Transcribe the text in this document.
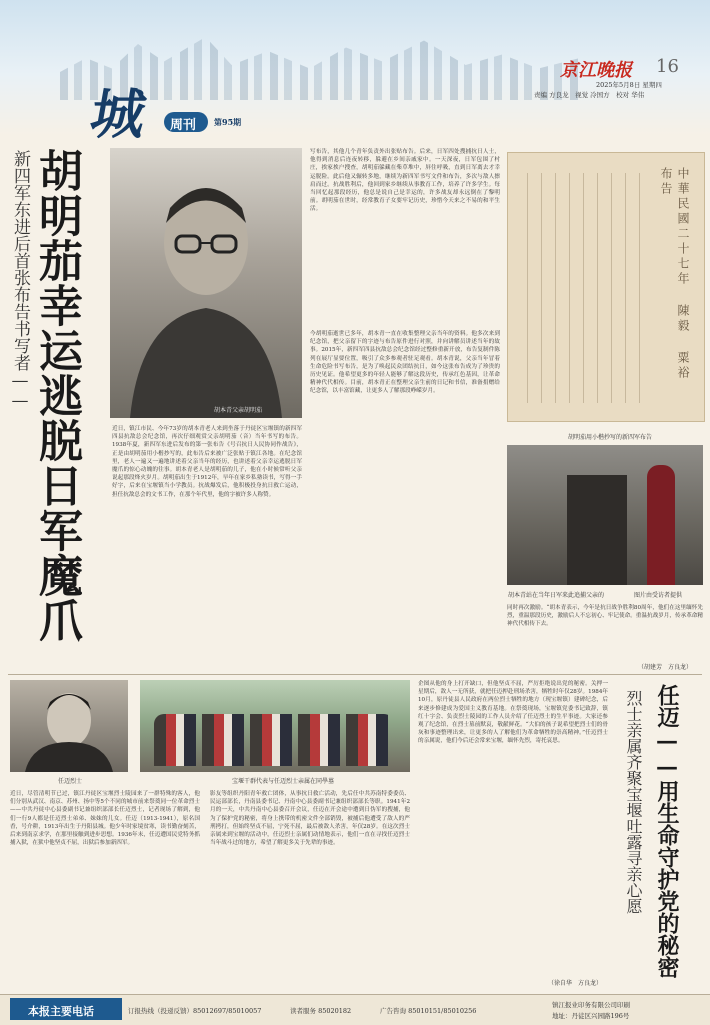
城 周刊 第95期
京江晚报 16
2025年5月8日 星期四
责编 方良龙　视觉 冷国方　校对 华伟
胡明茄幸运逃脱日军魔爪
新四军东进后首张布告书写者——	胡本青父亲胡明茄
近日，镇江市民、今年73岁的胡本青老人来到坐落于丹徒区宝堰镇的新四军四县抗敌总会纪念馆，再次仔细观赏父亲胡明茄（音）当年书写的布告。1938年夏，新四军东进后发布的第一张布告《号召抗日人民协同作战告》，正是由胡明茄用小楷抄写的，此布告后来被广泛张贴于镇江各地。在纪念馆里，老人一遍又一遍地讲述着父亲当年的经历，也讲述着父亲幸运逃脱日军魔爪的惊心动魄的往事。胡本青老人是胡明茄的儿子，他在小时候常听父亲说起那段烽火岁月。胡明茄出生于1912年，早年在家乡私塾读书，写得一手好字，后来在宝堰镇当小学教员。抗战爆发后，他积极投身抗日救亡运动，担任抗敌总会的文书工作，在那个年代里，他的字被许多人称赞。
写布告，其他几个青年负责外出张贴布告。后来，日军四处搜捕抗日人士，他得到消息后连夜转移，躲避在乡间亲戚家中。一天深夜，日军包围了村庄，挨家挨户搜查，胡明茄躲藏在柴草堆中，屏住呼吸，直到日军离去才幸运脱险。此后他又辗转多地，继续为新四军书写文件和布告，多次与敌人擦肩而过。抗战胜利后，他回到家乡继续从事教育工作，培养了许多学生。每当回忆起那段经历，他总是说自己是幸运的，许多战友却永远倒在了黎明前。胡明茄在世时，经常教育子女要牢记历史，珍惜今天来之不易的和平生活。
今胡明茄逝世已多年，胡本青一直在收集整理父亲当年的资料。他多次来到纪念馆，把父亲留下的字迹与布告原件进行对照，并向讲解员讲述当年的故事。2015年，新四军四县抗敌总会纪念馆经过整修重新开放，布告复制件陈列在展厅显要位置，吸引了众多参观者驻足观看。胡本青说，父亲当年冒着生命危险书写布告，是为了唤起民众团结抗日，如今这张布告成为了珍贵的历史见证。他希望更多的年轻人能够了解这段历史，传承红色基因，让革命精神代代相传。目前，胡本青正在整理父亲生前的日记和书信，准备捐赠给纪念馆，以丰富馆藏，让更多人了解那段峥嵘岁月。
中華民國二十七年 陳毅 粟裕 布告
胡明茄用小楷抄写的新四军布告
胡本青站在当年日军来此追捕父亲的	图片由受访者提供
同时再次激励。“胡本青表示，今年是抗日战争胜利80周年，他们在这里缅怀先烈，重温那段历史，激励后人不忘初心、牢记使命。重温抗战岁月，传承革命精神代代相传下去。
（胡建芳　方良龙）
任迈烈士	宝堰干群代表与任迈烈士亲属在同學墓
近日，尽管清明节已过，镇江丹徒区宝堰烈士陵园来了一群特殊的客人，他们分别从武汉、南京、苏州、扬中等5个不同的城市前来祭奠同一位革命烈士——中共丹徒中心县委副书记兼组织部部长任迈烈士，记者现场了解到，他们一行9人都是任迈烈士弟弟、妹妹的儿女。任迈（1913-1941），原名国香，号介耕，1913年出生于丹阳县城。他少年时家境贫寒，读书勤奋刻苦，后来到南京求学，在那里接触到进步思想。1936年末，任迈遭国民党特务抓捕入狱，在狱中他坚贞不屈，出狱后参加新四军。
影友等组织丹阳青年救亡团体，从事抗日救亡活动，先后任中共苏南特委委员、民运部部长，丹南县委书记、丹南中心县委副书记兼组织部部长等职。1941年2月的一天，中共丹南中心县委召开会议，任迈在开会途中遭到日伪军的搜捕，他为了保护党的秘密，将身上携带的机密文件全部销毁，被捕后他遭受了敌人的严刑拷打，但始终坚贞不屈，宁死不屈，最后被敌人杀害，年仅28岁。在这次烈士亲属来到宝堰的活动中，任迈烈士亲属们动情地表示，他们一直在寻找任迈烈士当年战斗过的地方，希望了解更多关于先辈的事迹。
企图从他的身上打开缺口，但他坚贞不屈，严厉拒绝说出党的秘密。关押一星期后，敌人一无所获，就把任迈押赴刑场杀害，牺牲时年仅28岁。1984年10月，原丹徒县人民政府在两位烈士牺牲的地方（现宝堰镇）建碑纪念，后来逐步修建成为爱国主义教育基地。在祭奠现场，宝堰镇党委书记致辞，镇红十字会、负责烈士陵园的工作人员介绍了任迈烈士的生平事迹。大家还参观了纪念馆，在烈士墓前默哀，敬献鲜花。“大伯的孩子说希望把烈士们的骨灰和事迹整理出来，让更多的人了解他们为革命牺牲的崇高精神。”任迈烈士的亲属说，他们今后还会常来宝堰，缅怀先烈，寄托哀思。
（徐自华　方良龙）
任迈——用生命守护党的秘密
烈士亲属齐聚宝堰吐露寻亲心愿
本报主要电话	订报热线（投递反馈）85012697/85010057	读者服务 85020182	广告咨询 85010151/85010256
镇江报业印务有限公司印刷
地址：丹徒区兴园路196号
